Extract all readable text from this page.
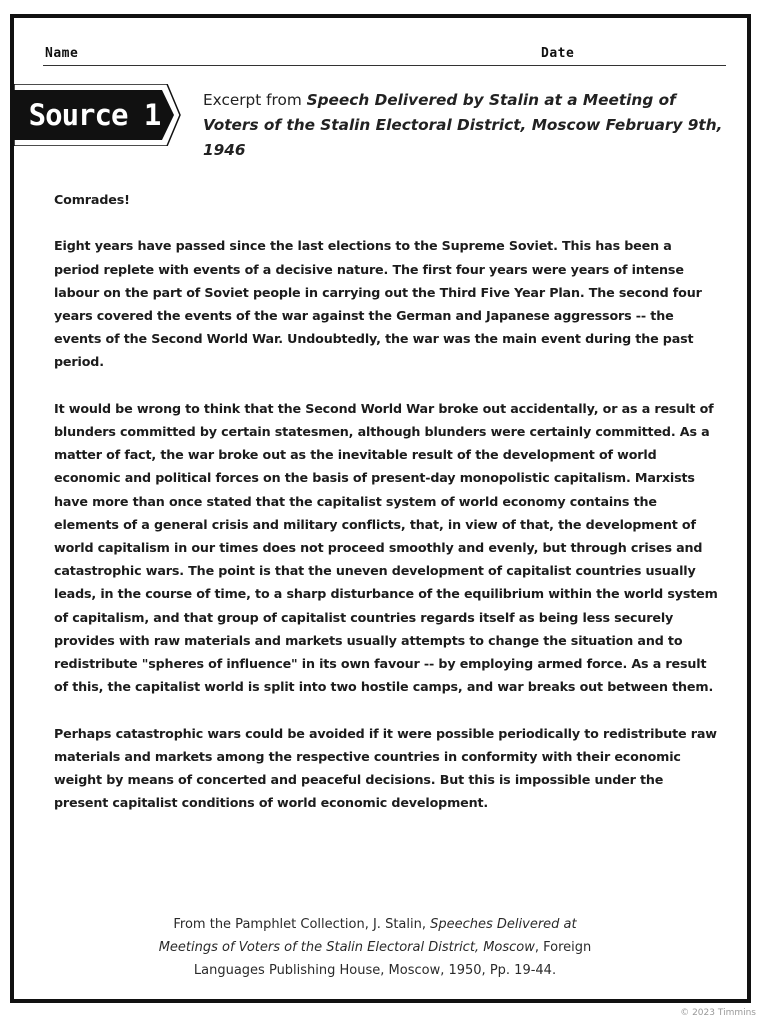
Name	Date
Source 1	Excerpt from Speech Delivered by Stalin at a Meeting of Voters of the Stalin Electoral District, Moscow February 9th, 1946

Comrades!

Eight years have passed since the last elections to the Supreme Soviet. This has been a period replete with events of a decisive nature. The first four years were years of intense labour on the part of Soviet people in carrying out the Third Five Year Plan. The second four years covered the events of the war against the German and Japanese aggressors -- the events of the Second World War. Undoubtedly, the war was the main event during the past period.

It would be wrong to think that the Second World War broke out accidentally, or as a result of blunders committed by certain statesmen, although blunders were certainly committed. As a matter of fact, the war broke out as the inevitable result of the development of world economic and political forces on the basis of present-day monopolistic capitalism. Marxists have more than once stated that the capitalist system of world economy contains the elements of a general crisis and military conflicts, that, in view of that, the development of world capitalism in our times does not proceed smoothly and evenly, but through crises and catastrophic wars. The point is that the uneven development of capitalist countries usually leads, in the course of time, to a sharp disturbance of the equilibrium within the world system of capitalism, and that group of capitalist countries regards itself as being less securely provides with raw materials and markets usually attempts to change the situation and to redistribute "spheres of influence" in its own favour -- by employing armed force. As a result of this, the capitalist world is split into two hostile camps, and war breaks out between them.

Perhaps catastrophic wars could be avoided if it were possible periodically to redistribute raw materials and markets among the respective countries in conformity with their economic weight by means of concerted and peaceful decisions. But this is impossible under the present capitalist conditions of world economic development.

From the Pamphlet Collection, J. Stalin, Speeches Delivered at Meetings of Voters of the Stalin Electoral District, Moscow, Foreign Languages Publishing House, Moscow, 1950, Pp. 19-44.
© 2023 Timmins
